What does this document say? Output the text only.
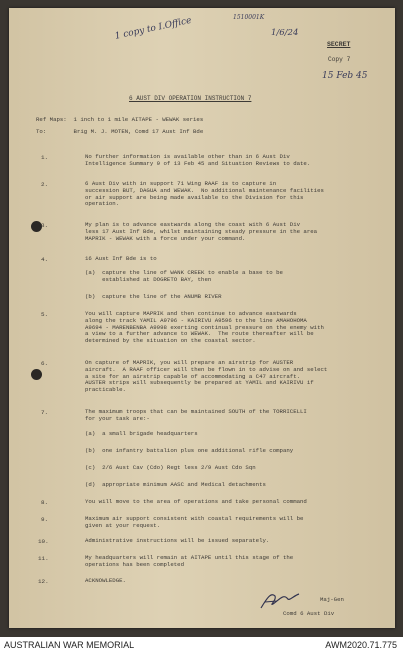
1 copy to I.Office	1510001K
1/6/24
15 Feb 45
Copy 7
SECRET
6 AUST DIV OPERATION INSTRUCTION 7
Ref Maps:  1 inch to 1 mile AITAPE - WEWAK series
To:        Brig M. J. MOTEN, Comd 17 Aust Inf Bde
1.	No further information is available other than in 6 Aust Div
Intelligence Summary 9 of 13 Feb 45 and Situation Reviews to date.
2.	6 Aust Div with in support 71 Wing RAAF is to capture in
succession BUT, DAGUA and WEWAK.  No additional maintenance facilities
or air support are being made available to the Division for this
operation.
3.	My plan is to advance eastwards along the coast with 6 Aust Div
less 17 Aust Inf Bde, whilst maintaining steady pressure in the area
MAPRIK - WEWAK with a force under your command.
4.	16 Aust Inf Bde is to
(a)  capture the line of WANK CREEK to enable a base to be
established at DOGRETO BAY, then
(b)  capture the line of the ANUMB RIVER
5.	You will capture MAPRIK and then continue to advance eastwards
along the track YAMIL A9796 - KAIRIVU A9596 to the line AMAHOHOMA
A9694 - MARENBENBA A9998 exerting continual pressure on the enemy with
a view to a further advance to WEWAK.  The route thereafter will be
determined by the situation on the coastal sector.
6.	On capture of MAPRIK, you will prepare an airstrip for AUSTER
aircraft.  A RAAF officer will then be flown in to advise on and select
a site for an airstrip capable of accommodating a C47 aircraft.
AUSTER strips will subsequently be prepared at YAMIL and KAIRIVU if
practicable.
7.	The maximum troops that can be maintained SOUTH of the TORRICELLI
for your task are:-
(a)  a small brigade headquarters
(b)  one infantry battalion plus one additional rifle company
(c)  2/6 Aust Cav (Cdo) Regt less 2/9 Aust Cdo Sqn
(d)  appropriate minimum AASC and Medical detachments
8.	You will move to the area of operations and take personal command
9.	Maximum air support consistent with coastal requirements will be
given at your request.
10.	Administrative instructions will be issued separately.
11.	My headquarters will remain at AITAPE until this stage of the
operations has been completed
12.	ACKNOWLEDGE.
Maj-Gen
Comd 6 Aust Div
AUSTRALIAN WAR MEMORIAL	AWM2020.71.775
